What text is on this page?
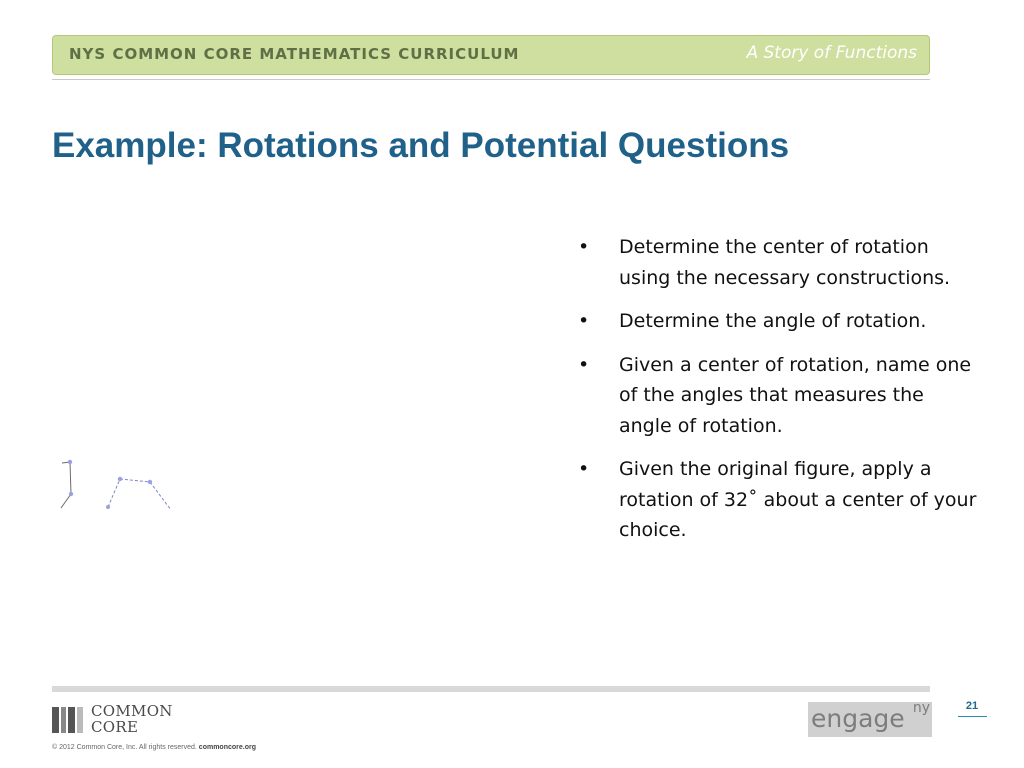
NYS COMMON CORE MATHEMATICS CURRICULUM	A Story of Functions
Example: Rotations and Potential Questions
• Determine the center of rotation using the necessary constructions.
• Determine the angle of rotation.
• Given a center of rotation, name one of the angles that measures the angle of rotation.
• Given the original figure, apply a rotation of 32˚ about a center of your choice.
COMMON
CORE
© 2012 Common Core, Inc. All rights reserved. commoncore.org
engage ny	21
